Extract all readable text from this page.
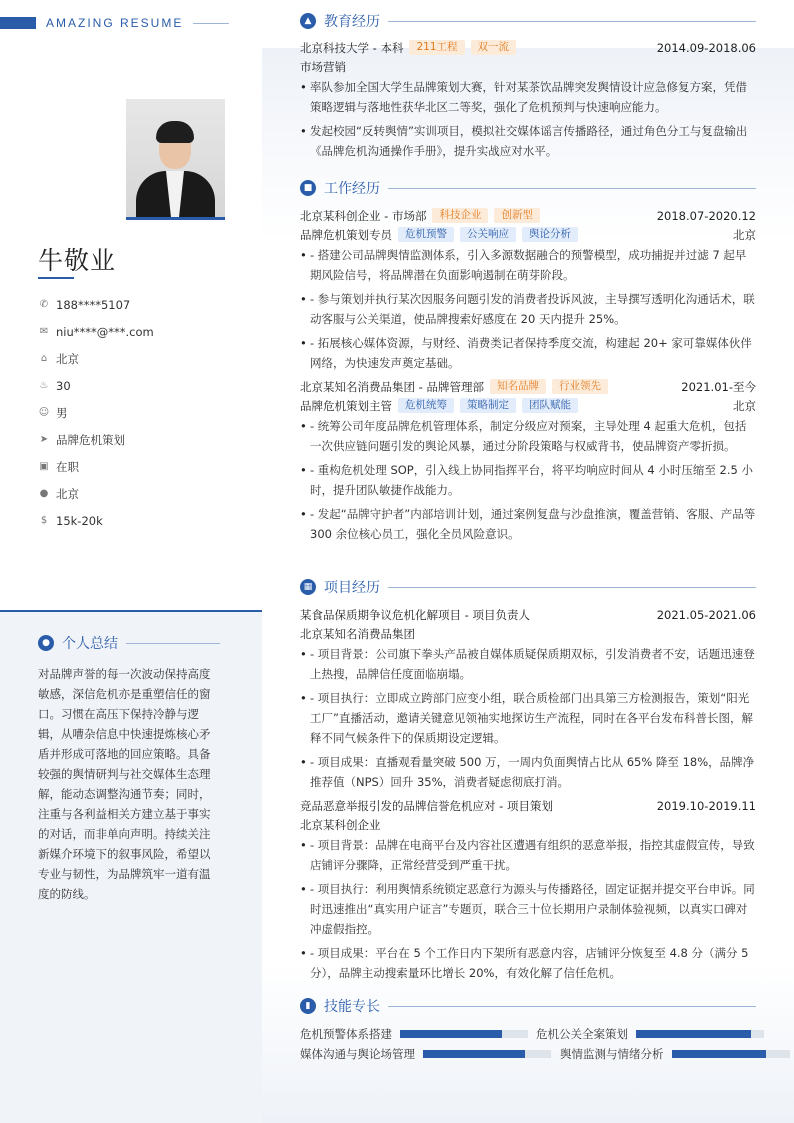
AMAZING RESUME
牛敬业
✆ 188****5107
✉ niu****@***.com
⌂ 北京
♨ 30
☺ 男
➤ 品牌危机策划
▣ 在职
● 北京
$ 15k-20k
● 个人总结

对品牌声誉的每一次波动保持高度敏感，深信危机亦是重塑信任的窗口。习惯在高压下保持冷静与逻辑，从嘈杂信息中快速提炼核心矛盾并形成可落地的回应策略。具备较强的舆情研判与社交媒体生态理解，能动态调整沟通节奏；同时，注重与各利益相关方建立基于事实的对话，而非单向声明。持续关注新媒介环境下的叙事风险，希望以专业与韧性，为品牌筑牢一道有温度的防线。

▲ 教育经历
北京科技大学 - 本科	211工程	双一流	2014.09-2018.06
市场营销
• 率队参加全国大学生品牌策划大赛，针对某茶饮品牌突发舆情设计应急修复方案，凭借策略逻辑与落地性获华北区二等奖，强化了危机预判与快速响应能力。
• 发起校园“反转舆情”实训项目，模拟社交媒体谣言传播路径，通过角色分工与复盘输出《品牌危机沟通操作手册》，提升实战应对水平。
■ 工作经历
北京某科创企业 - 市场部	科技企业	创新型	2018.07-2020.12
品牌危机策划专员	危机预警	公关响应	舆论分析	北京
• - 搭建公司品牌舆情监测体系，引入多源数据融合的预警模型，成功捕捉并过滤 7 起早期风险信号，将品牌潜在负面影响遏制在萌芽阶段。
• - 参与策划并执行某次因服务问题引发的消费者投诉风波，主导撰写透明化沟通话术，联动客服与公关渠道，使品牌搜索好感度在 20 天内提升 25%。
• - 拓展核心媒体资源，与财经、消费类记者保持季度交流，构建起 20+ 家可靠媒体伙伴网络，为快速发声奠定基础。
北京某知名消费品集团 - 品牌管理部	知名品牌	行业领先	2021.01-至今
品牌危机策划主管	危机统筹	策略制定	团队赋能	北京
• - 统筹公司年度品牌危机管理体系，制定分级应对预案，主导处理 4 起重大危机，包括一次供应链问题引发的舆论风暴，通过分阶段策略与权威背书，使品牌资产零折损。
• - 重构危机处理 SOP，引入线上协同指挥平台，将平均响应时间从 4 小时压缩至 2.5 小时，提升团队敏捷作战能力。
• - 发起“品牌守护者”内部培训计划，通过案例复盘与沙盘推演，覆盖营销、客服、产品等 300 余位核心员工，强化全员风险意识。
▦ 项目经历
某食品保质期争议危机化解项目 - 项目负责人	2021.05-2021.06
北京某知名消费品集团
• - 项目背景：公司旗下拳头产品被自媒体质疑保质期双标，引发消费者不安，话题迅速登上热搜，品牌信任度面临崩塌。
• - 项目执行：立即成立跨部门应变小组，联合质检部门出具第三方检测报告，策划“阳光工厂”直播活动，邀请关键意见领袖实地探访生产流程，同时在各平台发布科普长图，解释不同气候条件下的保质期设定逻辑。
• - 项目成果：直播观看量突破 500 万，一周内负面舆情占比从 65% 降至 18%，品牌净推荐值（NPS）回升 35%，消费者疑虑彻底打消。
竞品恶意举报引发的品牌信誉危机应对 - 项目策划	2019.10-2019.11
北京某科创企业
• - 项目背景：品牌在电商平台及内容社区遭遇有组织的恶意举报，指控其虚假宣传，导致店铺评分骤降，正常经营受到严重干扰。
• - 项目执行：利用舆情系统锁定恶意行为源头与传播路径，固定证据并提交平台申诉。同时迅速推出“真实用户证言”专题页，联合三十位长期用户录制体验视频，以真实口碑对冲虚假指控。
• - 项目成果：平台在 5 个工作日内下架所有恶意内容，店铺评分恢复至 4.8 分（满分 5 分），品牌主动搜索量环比增长 20%，有效化解了信任危机。
▮ 技能专长
危机预警体系搭建	危机公关全案策划
媒体沟通与舆论场管理	舆情监测与情绪分析
